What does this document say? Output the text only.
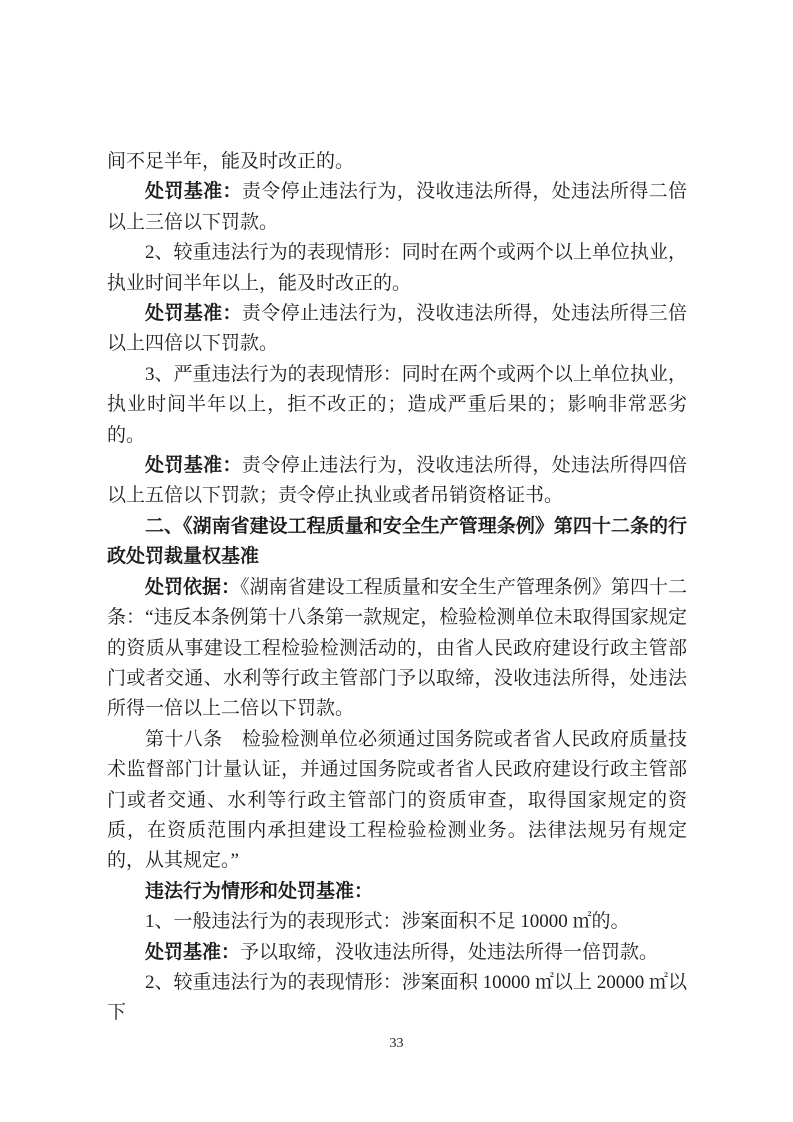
间不足半年，能及时改正的。

处罚基准：责令停止违法行为，没收违法所得，处违法所得二倍以上三倍以下罚款。

2、较重违法行为的表现情形：同时在两个或两个以上单位执业，执业时间半年以上，能及时改正的。

处罚基准：责令停止违法行为，没收违法所得，处违法所得三倍以上四倍以下罚款。

3、严重违法行为的表现情形：同时在两个或两个以上单位执业，执业时间半年以上，拒不改正的；造成严重后果的；影响非常恶劣的。

处罚基准：责令停止违法行为，没收违法所得，处违法所得四倍以上五倍以下罚款；责令停止执业或者吊销资格证书。

二、《湖南省建设工程质量和安全生产管理条例》第四十二条的行政处罚裁量权基准

处罚依据：《湖南省建设工程质量和安全生产管理条例》第四十二条：“违反本条例第十八条第一款规定，检验检测单位未取得国家规定的资质从事建设工程检验检测活动的，由省人民政府建设行政主管部门或者交通、水利等行政主管部门予以取缔，没收违法所得，处违法所得一倍以上二倍以下罚款。

第十八条　检验检测单位必须通过国务院或者省人民政府质量技术监督部门计量认证，并通过国务院或者省人民政府建设行政主管部门或者交通、水利等行政主管部门的资质审查，取得国家规定的资质，在资质范围内承担建设工程检验检测业务。法律法规另有规定的，从其规定。”

违法行为情形和处罚基准：

1、一般违法行为的表现形式：涉案面积不足 10000 ㎡的。

处罚基准：予以取缔，没收违法所得，处违法所得一倍罚款。

2、较重违法行为的表现情形：涉案面积 10000 ㎡以上 20000 ㎡以下

33
